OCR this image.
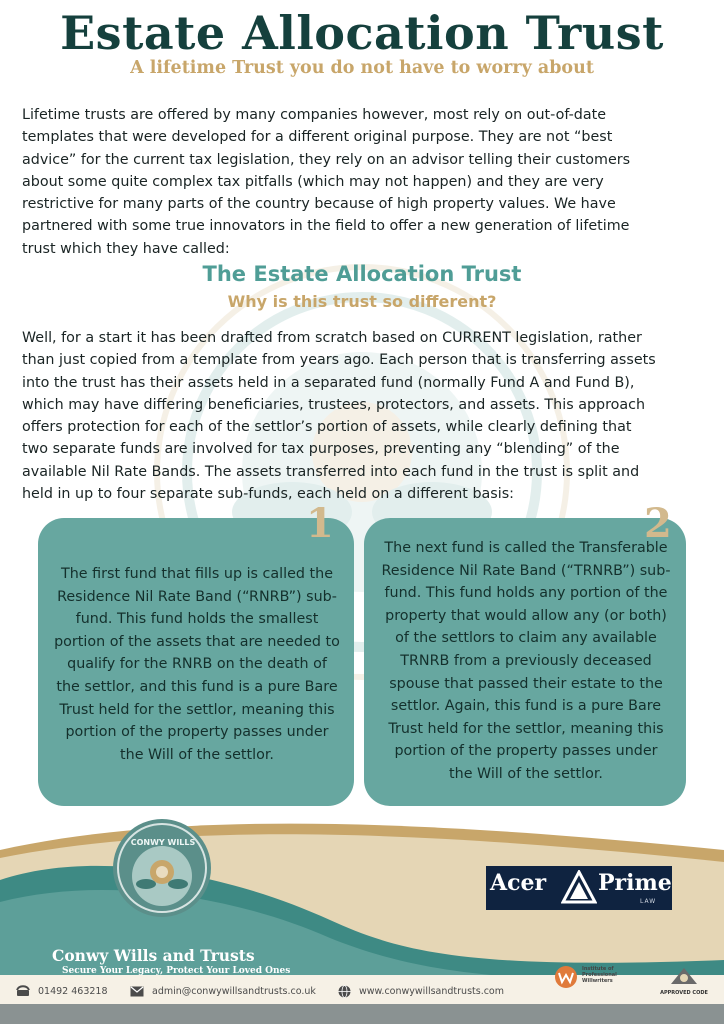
Estate Allocation Trust
A lifetime Trust you do not have to worry about

Lifetime trusts are offered by many companies however, most rely on out-of-date
templates that were developed for a different original purpose. They are not “best
advice” for the current tax legislation, they rely on an advisor telling their customers
about some quite complex tax pitfalls (which may not happen) and they are very
restrictive for many parts of the country because of high property values. We have
partnered with some true innovators in the field to offer a new generation of lifetime
trust which they have called:

The Estate Allocation Trust
Why is this trust so different?

Well, for a start it has been drafted from scratch based on CURRENT legislation, rather
than just copied from a template from years ago. Each person that is transferring assets
into the trust has their assets held in a separated fund (normally Fund A and Fund B),
which may have differing beneficiaries, trustees, protectors, and assets. This approach
offers protection for each of the settlor’s portion of assets, while clearly defining that
two separate funds are involved for tax purposes, preventing any “blending” of the
available Nil Rate Bands. The assets transferred into each fund in the trust is split and
held in up to four separate sub-funds, each held on a different basis:

1	2

The first fund that fills up is called the
Residence Nil Rate Band (“RNRB”) sub-
fund. This fund holds the smallest
portion of the assets that are needed to
qualify for the RNRB on the death of
the settlor, and this fund is a pure Bare
Trust held for the settlor, meaning this
portion of the property passes under
the Will of the settlor.

The next fund is called the Transferable
Residence Nil Rate Band (“TRNRB”) sub-
fund. This fund holds any portion of the
property that would allow any (or both)
of the settlors to claim any available
TRNRB from a previously deceased
spouse that passed their estate to the
settlor. Again, this fund is a pure Bare
Trust held for the settlor, meaning this
portion of the property passes under
the Will of the settlor.

CONWY WILLS
Acer Prime
LAW
Conwy Wills and Trusts
Secure Your Legacy, Protect Your Loved Ones
01492 463218	admin@conwywillsandtrusts.co.uk	www.conwywillsandtrusts.com
Institute of
Professional
Willwriters
APPROVED CODE
